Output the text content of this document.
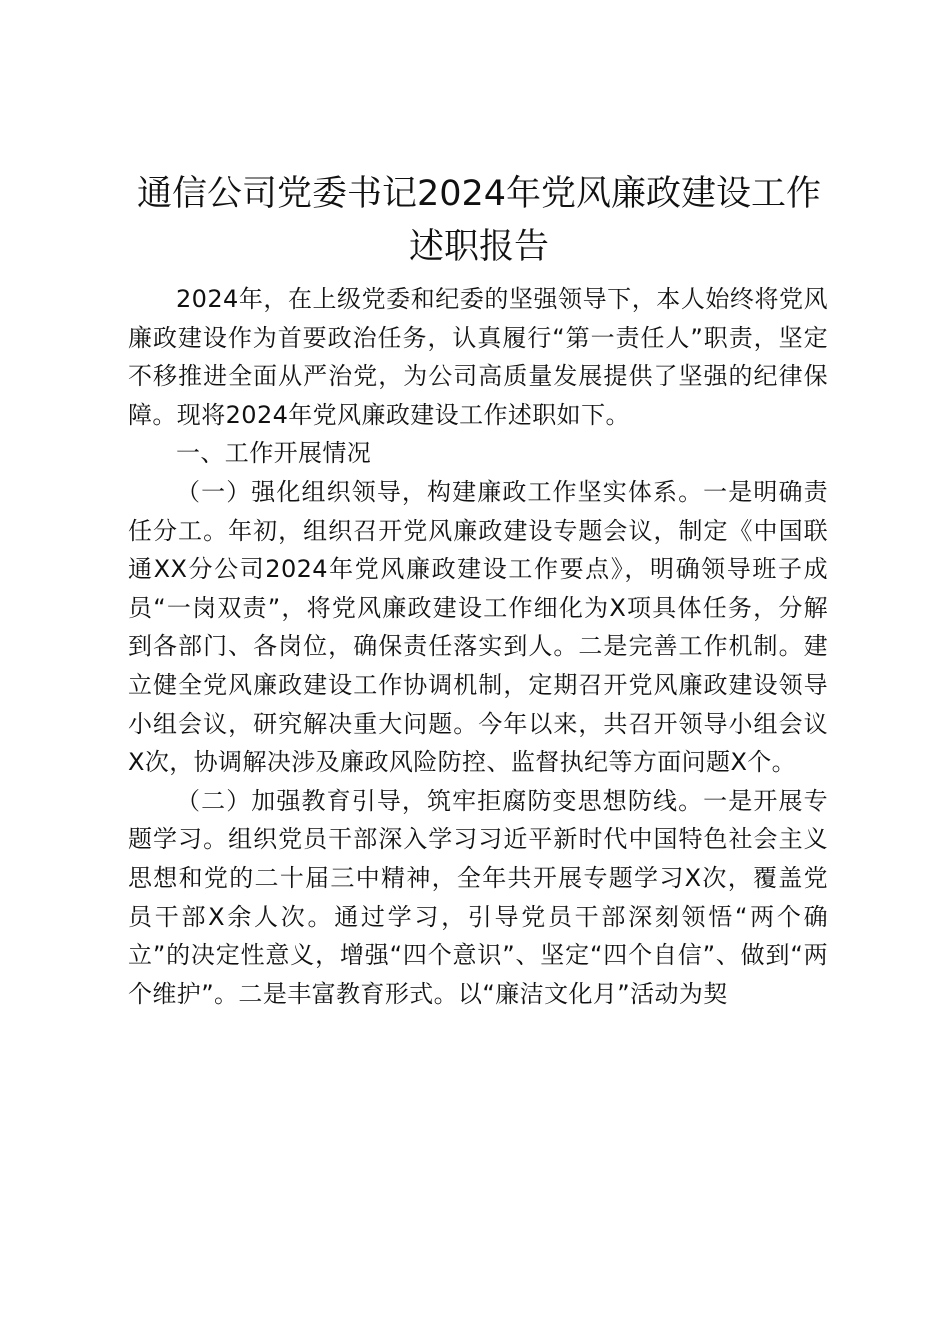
通信公司党委书记2024年党风廉政建设工作
述职报告

2024年，在上级党委和纪委的坚强领导下，本人始终将党风廉政建设作为首要政治任务，认真履行“第一责任人”职责，坚定不移推进全面从严治党，为公司高质量发展提供了坚强的纪律保障。现将2024年党风廉政建设工作述职如下。

一、工作开展情况

（一）强化组织领导，构建廉政工作坚实体系。一是明确责任分工。年初，组织召开党风廉政建设专题会议，制定《中国联通XX分公司2024年党风廉政建设工作要点》，明确领导班子成员“一岗双责”，将党风廉政建设工作细化为X项具体任务，分解到各部门、各岗位，确保责任落实到人。二是完善工作机制。建立健全党风廉政建设工作协调机制，定期召开党风廉政建设领导小组会议，研究解决重大问题。今年以来，共召开领导小组会议X次，协调解决涉及廉政风险防控、监督执纪等方面问题X个。

（二）加强教育引导，筑牢拒腐防变思想防线。一是开展专题学习。组织党员干部深入学习习近平新时代中国特色社会主义思想和党的二十届三中精神，全年共开展专题学习X次，覆盖党员干部X余人次。通过学习，引导党员干部深刻领悟“两个确立”的决定性意义，增强“四个意识”、坚定“四个自信”、做到“两个维护”。二是丰富教育形式。以“廉洁文化月”活动为契
